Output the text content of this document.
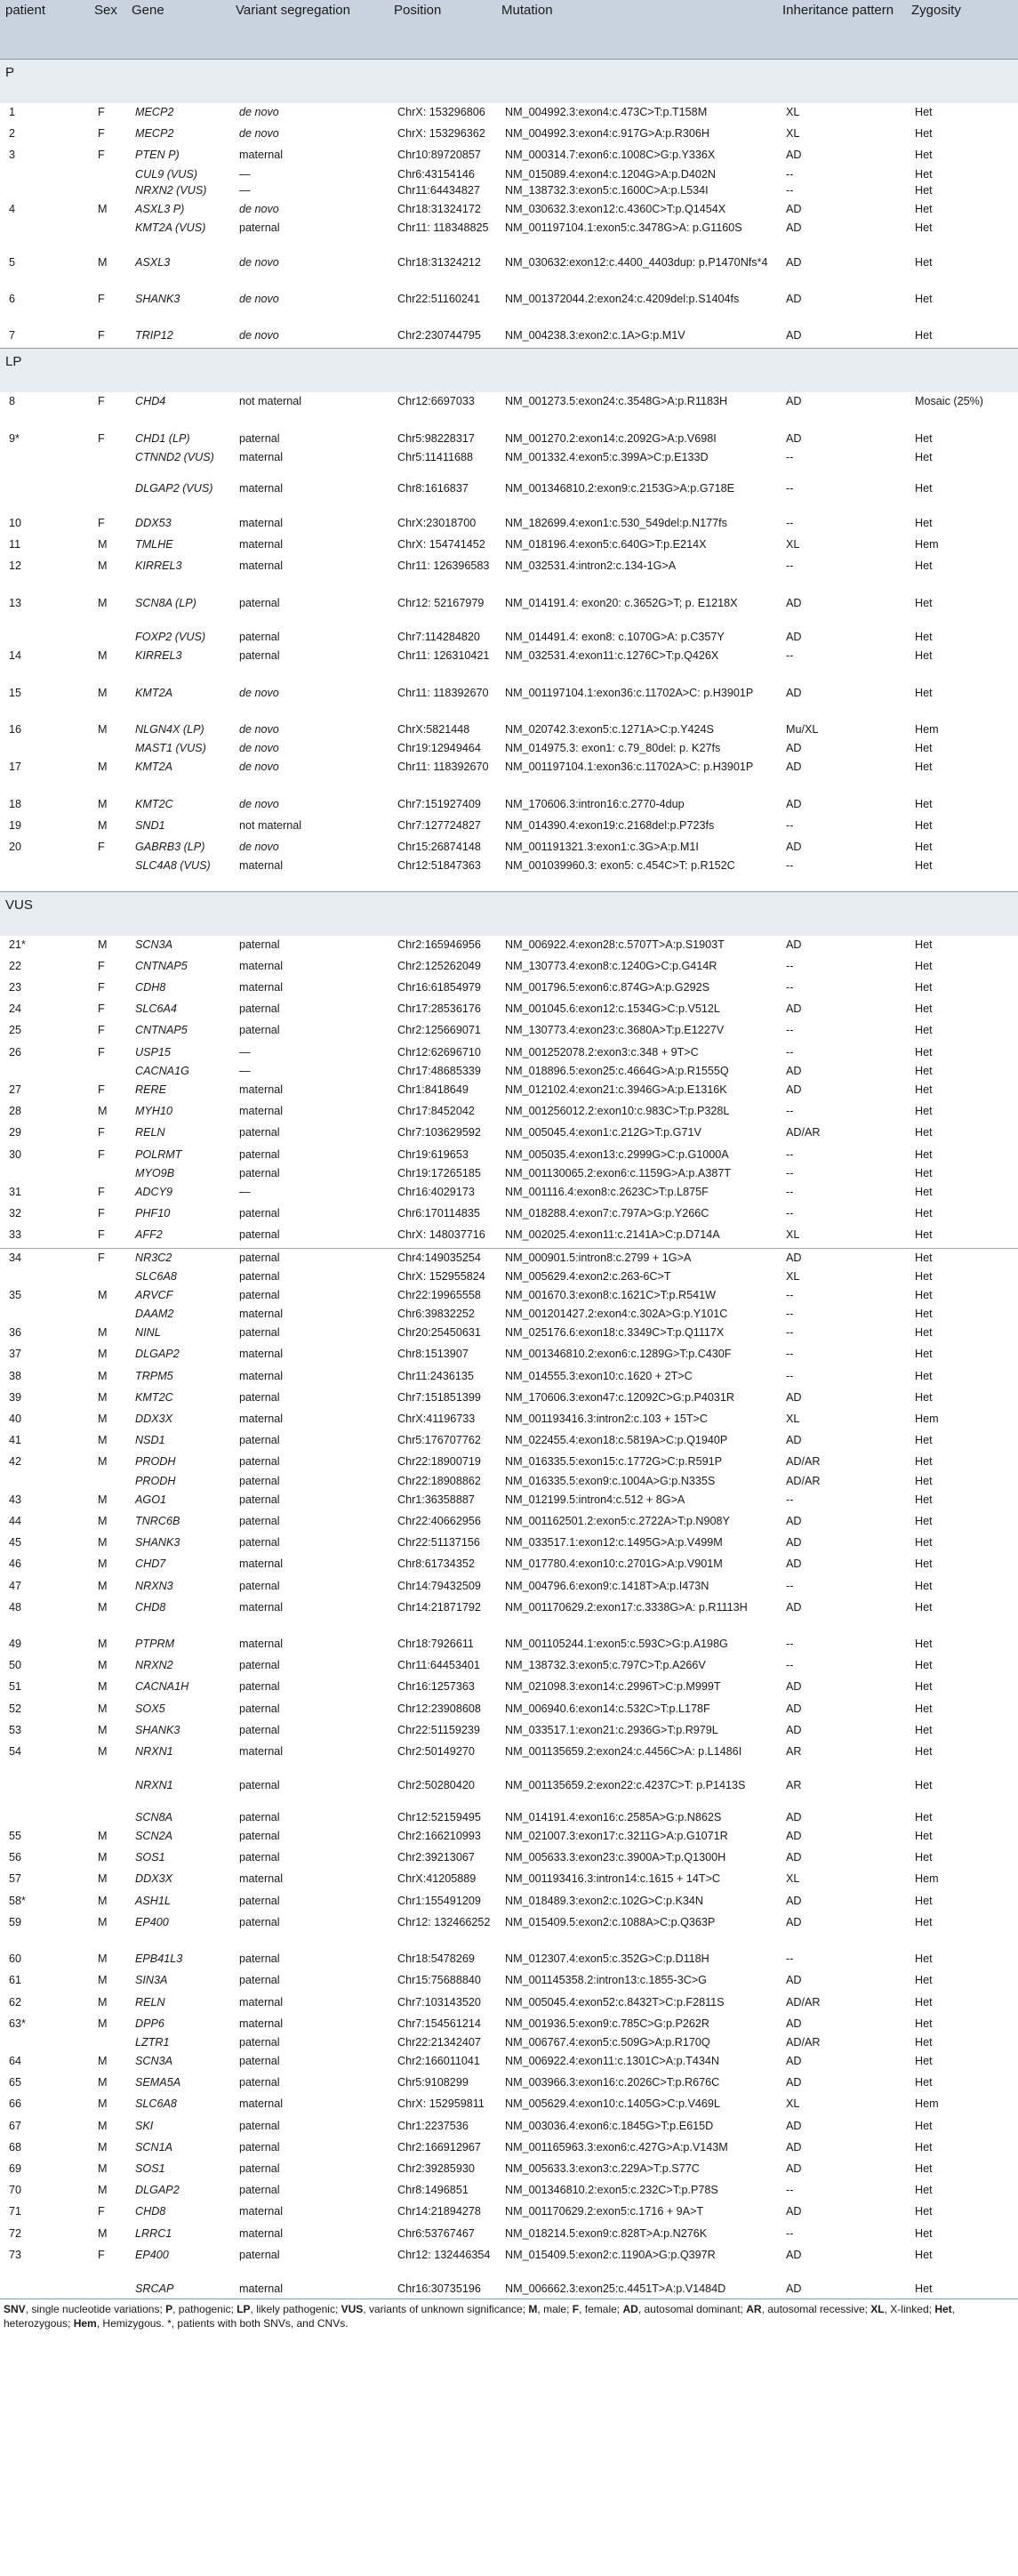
patient	Sex	Gene	Variant segregation	Position	Mutation	Inheritance pattern	Zygosity
P							
1	F	MECP2	de novo	ChrX: 153296806	NM_004992.3:exon4:c.473C>T:p.T158M	XL	Het
2	F	MECP2	de novo	ChrX: 153296362	NM_004992.3:exon4:c.917G>A:p.R306H	XL	Het
3	F	PTEN P)	maternal	Chr10:89720857	NM_000314.7:exon6:c.1008C>G:p.Y336X	AD	Het
		CUL9 (VUS)	—	Chr6:43154146	NM_015089.4:exon4:c.1204G>A:p.D402N	--	Het
		NRXN2 (VUS)	—	Chr11:64434827	NM_138732.3:exon5:c.1600C>A:p.L534I	--	Het
4	M	ASXL3 P)	de novo	Chr18:31324172	NM_030632.3:exon12:c.4360C>T:p.Q1454X	AD	Het
		KMT2A (VUS)	paternal	Chr11: 118348825	NM_001197104.1:exon5:c.3478G>A: p.G1160S	AD	Het
5	M	ASXL3	de novo	Chr18:31324212	NM_030632:exon12:c.4400_4403dup: p.P1470Nfs*4	AD	Het
6	F	SHANK3	de novo	Chr22:51160241	NM_001372044.2:exon24:c.4209del:p.S1404fs	AD	Het
7	F	TRIP12	de novo	Chr2:230744795	NM_004238.3:exon2:c.1A>G:p.M1V	AD	Het
LP							
8	F	CHD4	not maternal	Chr12:6697033	NM_001273.5:exon24:c.3548G>A:p.R1183H	AD	Mosaic (25%)
9*	F	CHD1 (LP)	paternal	Chr5:98228317	NM_001270.2:exon14:c.2092G>A:p.V698I	AD	Het
		CTNND2 (VUS)	maternal	Chr5:11411688	NM_001332.4:exon5:c.399A>C:p.E133D	--	Het
		DLGAP2 (VUS)	maternal	Chr8:1616837	NM_001346810.2:exon9:c.2153G>A:p.G718E	--	Het
10	F	DDX53	maternal	ChrX:23018700	NM_182699.4:exon1:c.530_549del:p.N177fs	--	Het
11	M	TMLHE	maternal	ChrX: 154741452	NM_018196.4:exon5:c.640G>T:p.E214X	XL	Hem
12	M	KIRREL3	maternal	Chr11: 126396583	NM_032531.4:intron2:c.134-1G>A	--	Het
13	M	SCN8A (LP)	paternal	Chr12: 52167979	NM_014191.4: exon20: c.3652G>T; p. E1218X	AD	Het
		FOXP2 (VUS)	paternal	Chr7:114284820	NM_014491.4: exon8: c.1070G>A: p.C357Y	AD	Het
14	M	KIRREL3	paternal	Chr11: 126310421	NM_032531.4:exon11:c.1276C>T:p.Q426X	--	Het
15	M	KMT2A	de novo	Chr11: 118392670	NM_001197104.1:exon36:c.11702A>C: p.H3901P	AD	Het
16	M	NLGN4X (LP)	de novo	ChrX:5821448	NM_020742.3:exon5:c.1271A>C:p.Y424S	Mu/XL	Hem
		MAST1 (VUS)	de novo	Chr19:12949464	NM_014975.3: exon1: c.79_80del: p. K27fs	AD	Het
17	M	KMT2A	de novo	Chr11: 118392670	NM_001197104.1:exon36:c.11702A>C: p.H3901P	AD	Het
18	M	KMT2C	de novo	Chr7:151927409	NM_170606.3:intron16:c.2770-4dup	AD	Het
19	M	SND1	not maternal	Chr7:127724827	NM_014390.4:exon19:c.2168del:p.P723fs	--	Het
20	F	GABRB3 (LP)	de novo	Chr15:26874148	NM_001191321.3:exon1:c.3G>A:p.M1I	AD	Het
		SLC4A8 (VUS)	maternal	Chr12:51847363	NM_001039960.3: exon5: c.454C>T: p.R152C	--	Het
VUS							
21*	M	SCN3A	paternal	Chr2:165946956	NM_006922.4:exon28:c.5707T>A:p.S1903T	AD	Het
22	F	CNTNAP5	maternal	Chr2:125262049	NM_130773.4:exon8:c.1240G>C:p.G414R	--	Het
23	F	CDH8	maternal	Chr16:61854979	NM_001796.5:exon6:c.874G>A:p.G292S	--	Het
24	F	SLC6A4	paternal	Chr17:28536176	NM_001045.6:exon12:c.1534G>C:p.V512L	AD	Het
25	F	CNTNAP5	paternal	Chr2:125669071	NM_130773.4:exon23:c.3680A>T:p.E1227V	--	Het
26	F	USP15	—	Chr12:62696710	NM_001252078.2:exon3:c.348 + 9T>C	--	Het
		CACNA1G	—	Chr17:48685339	NM_018896.5:exon25:c.4664G>A:p.R1555Q	AD	Het
27	F	RERE	maternal	Chr1:8418649	NM_012102.4:exon21:c.3946G>A:p.E1316K	AD	Het
28	M	MYH10	maternal	Chr17:8452042	NM_001256012.2:exon10:c.983C>T:p.P328L	--	Het
29	F	RELN	paternal	Chr7:103629592	NM_005045.4:exon1:c.212G>T:p.G71V	AD/AR	Het
30	F	POLRMT	paternal	Chr19:619653	NM_005035.4:exon13:c.2999G>C:p.G1000A	--	Het
		MYO9B	paternal	Chr19:17265185	NM_001130065.2:exon6:c.1159G>A:p.A387T	--	Het
31	F	ADCY9	—	Chr16:4029173	NM_001116.4:exon8:c.2623C>T:p.L875F	--	Het
32	F	PHF10	paternal	Chr6:170114835	NM_018288.4:exon7:c.797A>G:p.Y266C	--	Het
33	F	AFF2	paternal	ChrX: 148037716	NM_002025.4:exon11:c.2141A>C:p.D714A	XL	Het
34	F	NR3C2	paternal	Chr4:149035254	NM_000901.5:intron8:c.2799 + 1G>A	AD	Het
		SLC6A8	paternal	ChrX: 152955824	NM_005629.4:exon2:c.263-6C>T	XL	Het
35	M	ARVCF	paternal	Chr22:19965558	NM_001670.3:exon8:c.1621C>T:p.R541W	--	Het
		DAAM2	maternal	Chr6:39832252	NM_001201427.2:exon4:c.302A>G:p.Y101C	--	Het
36	M	NINL	paternal	Chr20:25450631	NM_025176.6:exon18:c.3349C>T:p.Q1117X	--	Het
37	M	DLGAP2	maternal	Chr8:1513907	NM_001346810.2:exon6:c.1289G>T:p.C430F	--	Het
38	M	TRPM5	maternal	Chr11:2436135	NM_014555.3:exon10:c.1620 + 2T>C	--	Het
39	M	KMT2C	paternal	Chr7:151851399	NM_170606.3:exon47:c.12092C>G:p.P4031R	AD	Het
40	M	DDX3X	maternal	ChrX:41196733	NM_001193416.3:intron2:c.103 + 15T>C	XL	Hem
41	M	NSD1	paternal	Chr5:176707762	NM_022455.4:exon18:c.5819A>C:p.Q1940P	AD	Het
42	M	PRODH	paternal	Chr22:18900719	NM_016335.5:exon15:c.1772G>C:p.R591P	AD/AR	Het
		PRODH	paternal	Chr22:18908862	NM_016335.5:exon9:c.1004A>G:p.N335S	AD/AR	Het
43	M	AGO1	paternal	Chr1:36358887	NM_012199.5:intron4:c.512 + 8G>A	--	Het
44	M	TNRC6B	paternal	Chr22:40662956	NM_001162501.2:exon5:c.2722A>T:p.N908Y	AD	Het
45	M	SHANK3	paternal	Chr22:51137156	NM_033517.1:exon12:c.1495G>A:p.V499M	AD	Het
46	M	CHD7	maternal	Chr8:61734352	NM_017780.4:exon10:c.2701G>A:p.V901M	AD	Het
47	M	NRXN3	paternal	Chr14:79432509	NM_004796.6:exon9:c.1418T>A:p.I473N	--	Het
48	M	CHD8	maternal	Chr14:21871792	NM_001170629.2:exon17:c.3338G>A: p.R1113H	AD	Het
49	M	PTPRM	maternal	Chr18:7926611	NM_001105244.1:exon5:c.593C>G:p.A198G	--	Het
50	M	NRXN2	paternal	Chr11:64453401	NM_138732.3:exon5:c.797C>T:p.A266V	--	Het
51	M	CACNA1H	paternal	Chr16:1257363	NM_021098.3:exon14:c.2996T>C:p.M999T	AD	Het
52	M	SOX5	paternal	Chr12:23908608	NM_006940.6:exon14:c.532C>T:p.L178F	AD	Het
53	M	SHANK3	paternal	Chr22:51159239	NM_033517.1:exon21:c.2936G>T:p.R979L	AD	Het
54	M	NRXN1	maternal	Chr2:50149270	NM_001135659.2:exon24:c.4456C>A: p.L1486I	AR	Het
		NRXN1	paternal	Chr2:50280420	NM_001135659.2:exon22:c.4237C>T: p.P1413S	AR	Het
		SCN8A	paternal	Chr12:52159495	NM_014191.4:exon16:c.2585A>G:p.N862S	AD	Het
55	M	SCN2A	paternal	Chr2:166210993	NM_021007.3:exon17:c.3211G>A:p.G1071R	AD	Het
56	M	SOS1	paternal	Chr2:39213067	NM_005633.3:exon23:c.3900A>T:p.Q1300H	AD	Het
57	M	DDX3X	maternal	ChrX:41205889	NM_001193416.3:intron14:c.1615 + 14T>C	XL	Hem
58*	M	ASH1L	paternal	Chr1:155491209	NM_018489.3:exon2:c.102G>C:p.K34N	AD	Het
59	M	EP400	paternal	Chr12: 132466252	NM_015409.5:exon2:c.1088A>C:p.Q363P	AD	Het
60	M	EPB41L3	paternal	Chr18:5478269	NM_012307.4:exon5:c.352G>C:p.D118H	--	Het
61	M	SIN3A	paternal	Chr15:75688840	NM_001145358.2:intron13:c.1855-3C>G	AD	Het
62	M	RELN	maternal	Chr7:103143520	NM_005045.4:exon52:c.8432T>C:p.F2811S	AD/AR	Het
63*	M	DPP6	maternal	Chr7:154561214	NM_001936.5:exon9:c.785C>G:p.P262R	AD	Het
		LZTR1	paternal	Chr22:21342407	NM_006767.4:exon5:c.509G>A:p.R170Q	AD/AR	Het
64	M	SCN3A	paternal	Chr2:166011041	NM_006922.4:exon11:c.1301C>A:p.T434N	AD	Het
65	M	SEMA5A	paternal	Chr5:9108299	NM_003966.3:exon16:c.2026C>T:p.R676C	AD	Het
66	M	SLC6A8	maternal	ChrX: 152959811	NM_005629.4:exon10:c.1405G>C:p.V469L	XL	Hem
67	M	SKI	paternal	Chr1:2237536	NM_003036.4:exon6:c.1845G>T:p.E615D	AD	Het
68	M	SCN1A	paternal	Chr2:166912967	NM_001165963.3:exon6:c.427G>A:p.V143M	AD	Het
69	M	SOS1	paternal	Chr2:39285930	NM_005633.3:exon3:c.229A>T:p.S77C	AD	Het
70	M	DLGAP2	paternal	Chr8:1496851	NM_001346810.2:exon5:c.232C>T:p.P78S	--	Het
71	F	CHD8	maternal	Chr14:21894278	NM_001170629.2:exon5:c.1716 + 9A>T	AD	Het
72	M	LRRC1	maternal	Chr6:53767467	NM_018214.5:exon9:c.828T>A:p.N276K	--	Het
73	F	EP400	paternal	Chr12: 132446354	NM_015409.5:exon2:c.1190A>G:p.Q397R	AD	Het
		SRCAP	maternal	Chr16:30735196	NM_006662.3:exon25:c.4451T>A:p.V1484D	AD	Het
SNV, single nucleotide variations; P, pathogenic; LP, likely pathogenic; VUS, variants of unknown significance; M, male; F, female; AD, autosomal dominant; AR, autosomal recessive; XL, X-linked; Het, heterozygous; Hem, Hemizygous. *, patients with both SNVs, and CNVs.
